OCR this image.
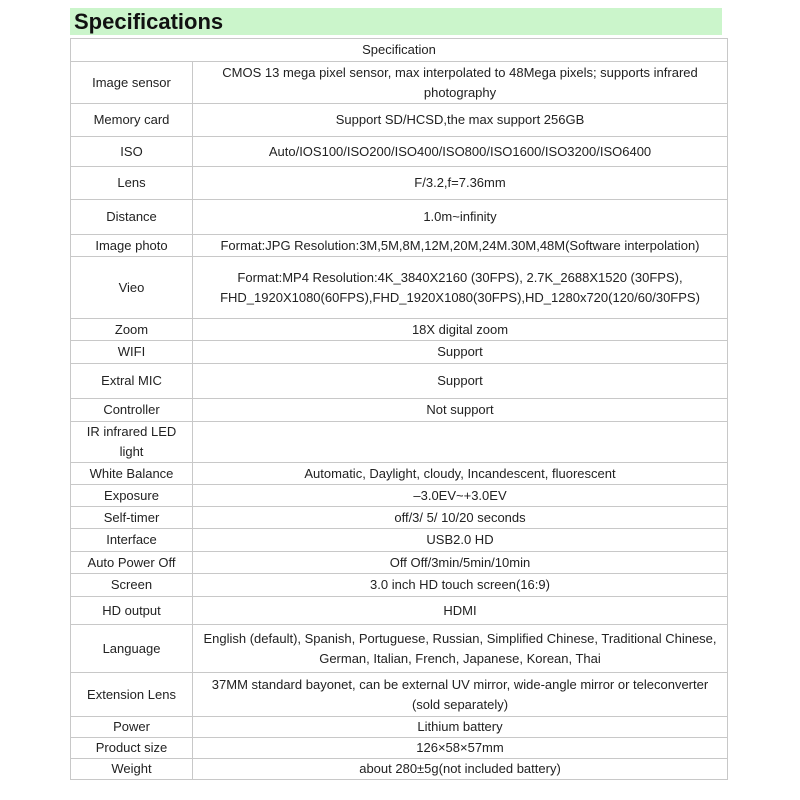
Specifications
Specification	
Image sensor	CMOS 13 mega pixel sensor, max interpolated to 48Mega pixels; supports infrared photography
Memory card	Support SD/HCSD,the max support 256GB
ISO	Auto/IOS100/ISO200/ISO400/ISO800/ISO1600/ISO3200/ISO6400
Lens	F/3.2,f=7.36mm
Distance	1.0m~infinity
Image photo	Format:JPG Resolution:3M,5M,8M,12M,20M,24M.30M,48M(Software interpolation)
Vieo	Format:MP4 Resolution:4K_3840X2160 (30FPS), 2.7K_2688X1520 (30FPS), FHD_1920X1080(60FPS),FHD_1920X1080(30FPS),HD_1280x720(120/60/30FPS)
Zoom	18X digital zoom
WIFI	Support
Extral MIC	Support
Controller	Not support
IR infrared LED light	
White Balance	Automatic, Daylight, cloudy, Incandescent, fluorescent
Exposure	–3.0EV~+3.0EV
Self-timer	off/3/ 5/ 10/20 seconds
Interface	USB2.0 HD
Auto Power Off	Off Off/3min/5min/10min
Screen	3.0 inch HD touch screen(16:9)
HD output	HDMI
Language	English (default), Spanish, Portuguese, Russian, Simplified Chinese, Traditional Chinese, German, Italian, French, Japanese, Korean, Thai
Extension Lens	37MM standard bayonet, can be external UV mirror, wide-angle mirror or teleconverter (sold separately)
Power	Lithium battery
Product size	126×58×57mm
Weight	about 280±5g(not included battery)
